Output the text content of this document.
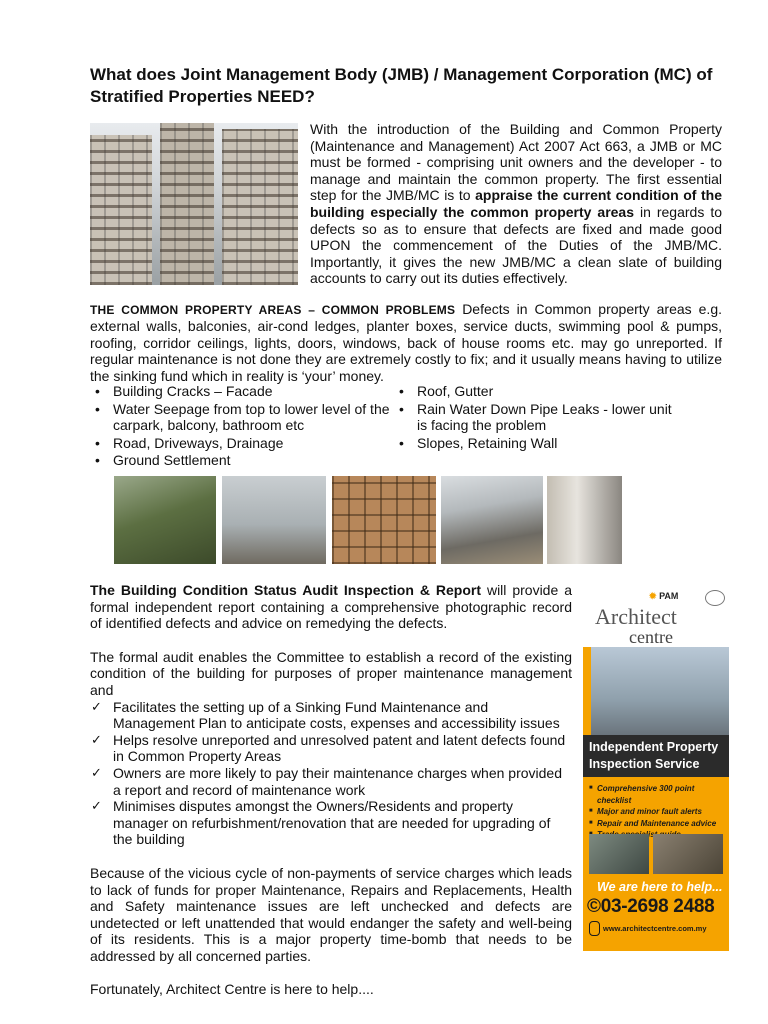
What does Joint Management Body (JMB) / Management Corporation (MC) of Stratified Properties NEED?

With the introduction of the Building and Common Property (Maintenance and Management) Act 2007 Act 663, a JMB or MC must be formed - comprising unit owners and the developer - to manage and maintain the common property. The first essential step for the JMB/MC is to appraise the current condition of the building especially the common property areas in regards to defects so as to ensure that defects are fixed and made good UPON the commencement of the Duties of the JMB/MC. Importantly, it gives the new JMB/MC a clean slate of building accounts to carry out its duties effectively.

THE COMMON PROPERTY AREAS – COMMON PROBLEMS Defects in Common property areas e.g. external walls, balconies, air-cond ledges, planter boxes, service ducts, swimming pool & pumps, roofing, corridor ceilings, lights, doors, windows, back of house rooms etc. may go unreported. If regular maintenance is not done they are extremely costly to fix; and it usually means having to utilize the sinking fund which in reality is ‘your’ money.

• Building Cracks – Facade
• Water Seepage from top to lower level of the carpark, balcony, bathroom etc
• Road, Driveways, Drainage
• Ground Settlement
• Roof, Gutter
• Rain Water Down Pipe Leaks - lower unit is facing the problem
• Slopes, Retaining Wall

The Building Condition Status Audit Inspection & Report will provide a formal independent report containing a comprehensive photographic record of identified defects and advice on remedying the defects.

The formal audit enables the Committee to establish a record of the existing condition of the building for purposes of proper maintenance management and

✓ Facilitates the setting up of a Sinking Fund Maintenance and Management Plan to anticipate costs, expenses and accessibility issues
✓ Helps resolve unreported and unresolved patent and latent defects found in Common Property Areas
✓ Owners are more likely to pay their maintenance charges when provided a report and record of maintenance work
✓ Minimises disputes amongst the Owners/Residents and property manager on refurbishment/renovation that are needed for upgrading of the building

Because of the vicious cycle of non-payments of service charges which leads to lack of funds for proper Maintenance, Repairs and Replacements, Health and Safety maintenance issues are left unchecked and defects are undetected or left unattended that would endanger the safety and well-being of its residents. This is a major property time-bomb that needs to be addressed by all concerned parties.

Fortunately, Architect Centre is here to help....

✹ PAM
Architect
centre
Independent Property
Inspection Service
■ Comprehensive 300 point checklist
■ Major and minor fault alerts
■ Repair and Maintenance advice
■
We are here to help...
©03-2698 2488
www.architectcentre.com.my
